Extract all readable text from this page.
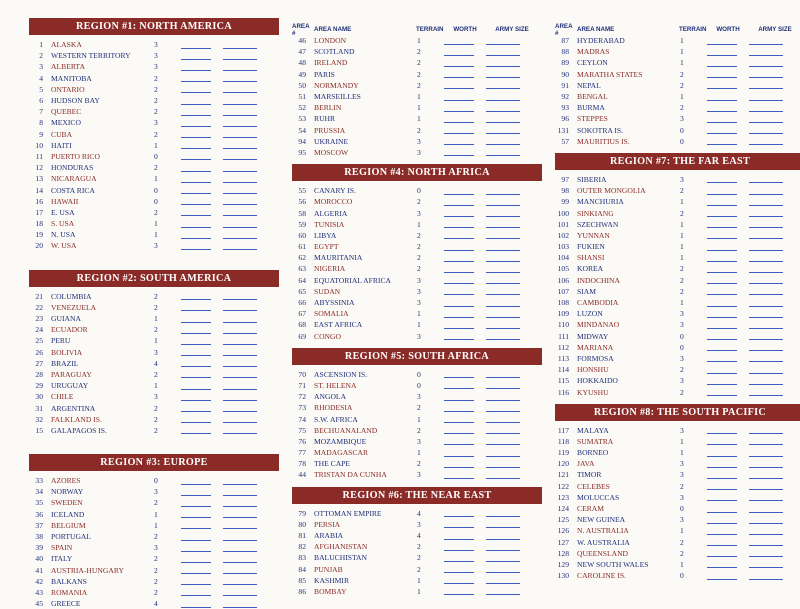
REGION #1: NORTH AMERICA
1	ALASKA	3
2	WESTERN TERRITORY	3
3	ALBERTA	3
4	MANITOBA	2
5	ONTARIO	2
6	HUDSON BAY	2
7	QUEBEC	2
8	MEXICO	3
9	CUBA	2
10	HAITI	1
11	PUERTO RICO	0
12	HONDURAS	2
13	NICARAGUA	1
14	COSTA RICA	0
16	HAWAII	0
17	E. USA	2
18	S. USA	1
19	N. USA	1
20	W. USA	3
REGION #2: SOUTH AMERICA
21	COLUMBIA	2
22	VENEZUELA	2
23	GUIANA	1
24	ECUADOR	2
25	PERU	1
26	BOLIVIA	3
27	BRAZIL	4
28	PARAGUAY	2
29	URUGUAY	1
30	CHILE	3
31	ARGENTINA	2
32	FALKLAND IS.	2
15	GALAPAGOS IS.	2
REGION #3: EUROPE
33	AZORES	0
34	NORWAY	3
35	SWEDEN	2
36	ICELAND	1
37	BELGIUM	1
38	PORTUGAL	2
39	SPAIN	3
40	ITALY	2
41	AUSTRIA-HUNGARY	2
42	BALKANS	2
43	ROMANIA	2
45	GREECE	4
AREA #	AREA NAME	TERRAIN	WORTH	ARMY SIZE
46	LONDON	1
47	SCOTLAND	2
48	IRELAND	2
49	PARIS	2
50	NORMANDY	2
51	MARSEILLES	1
52	BERLIN	1
53	RUHR	1
54	PRUSSIA	2
94	UKRAINE	3
95	MOSCOW	3
REGION #4: NORTH AFRICA
55	CANARY IS.	0
56	MOROCCO	2
58	ALGERIA	3
59	TUNISIA	1
60	LIBYA	2
61	EGYPT	2
62	MAURITANIA	2
63	NIGERIA	2
64	EQUATORIAL AFRICA	3
65	SUDAN	3
66	ABYSSINIA	3
67	SOMALIA	1
68	EAST AFRICA	1
69	CONGO	3
REGION #5: SOUTH AFRICA
70	ASCENSION IS.	0
71	ST. HELENA	0
72	ANGOLA	3
73	RHODESIA	2
74	S.W. AFRICA	1
75	BECHUANALAND	2
76	MOZAMBIQUE	3
77	MADAGASCAR	1
78	THE CAPE	2
44	TRISTAN DA CUNHA	3
REGION #6: THE NEAR EAST
79	OTTOMAN EMPIRE	4
80	PERSIA	3
81	ARABIA	4
82	AFGHANISTAN	2
83	BALUCHISTAN	2
84	PUNJAB	2
85	KASHMIR	1
86	BOMBAY	1
AREA #	AREA NAME	TERRAIN	WORTH	ARMY SIZE
87	HYDERABAD	1
88	MADRAS	1
89	CEYLON	1
90	MARATHA STATES	2
91	NEPAL	2
92	BENGAL	1
93	BURMA	2
96	STEPPES	3
131	SOKOTRA IS.	0
57	MAURITIUS IS.	0
REGION #7: THE FAR EAST
97	SIBERIA	3
98	OUTER MONGOLIA	2
99	MANCHURIA	1
100	SINKIANG	2
101	SZECHWAN	1
102	YUNNAN	1
103	FUKIEN	1
104	SHANSI	1
105	KOREA	2
106	INDOCHINA	2
107	SIAM	2
108	CAMBODIA	1
109	LUZON	3
110	MINDANAO	3
111	MIDWAY	0
112	MARIANA	0
113	FORMOSA	3
114	HONSHU	2
115	HOKKAIDO	3
116	KYUSHU	2
REGION #8: THE SOUTH PACIFIC
117	MALAYA	3
118	SUMATRA	1
119	BORNEO	1
120	JAVA	3
121	TIMOR	3
122	CELEBES	2
123	MOLUCCAS	3
124	CERAM	0
125	NEW GUINEA	3
126	N. AUSTRALIA	1
127	W. AUSTRALIA	2
128	QUEENSLAND	2
129	NEW SOUTH WALES	1
130	CAROLINE IS.	0
